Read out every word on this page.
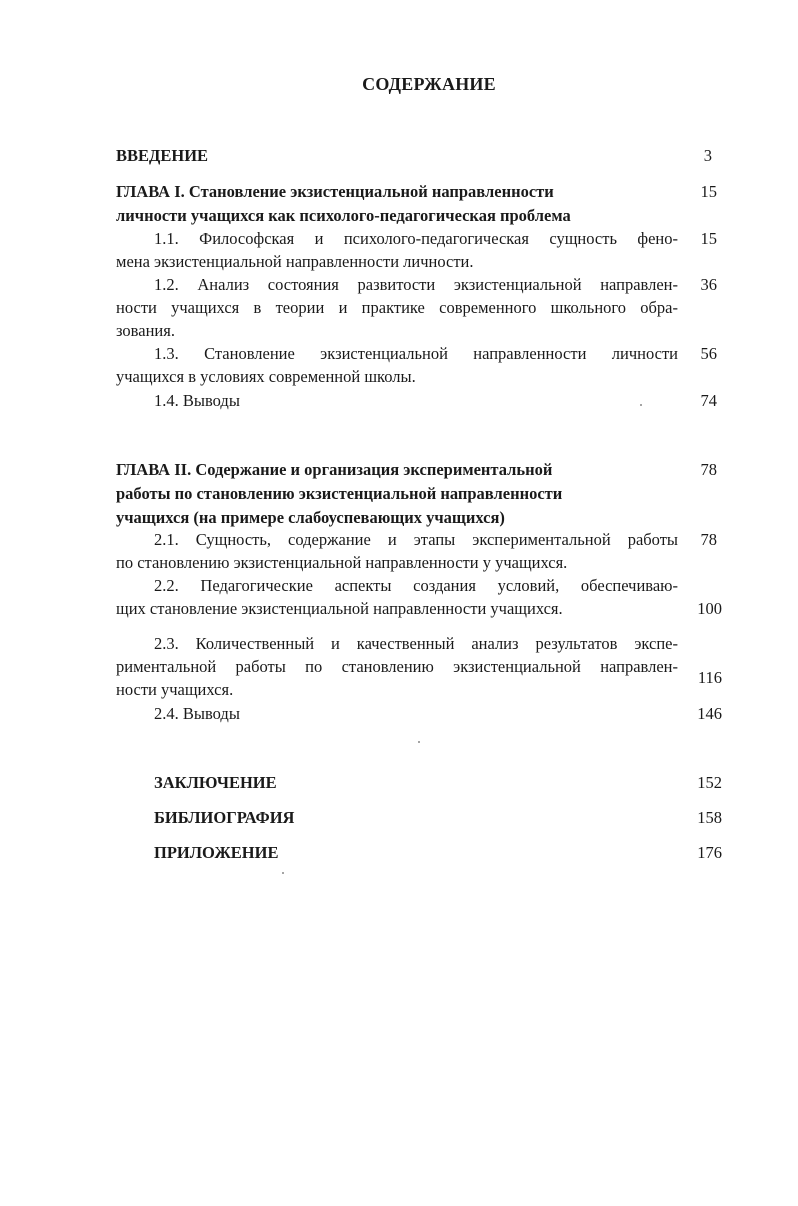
СОДЕРЖАНИЕ
ВВЕДЕНИЕ	3
ГЛАВА I. Становление экзистенциальной направленности
личности учащихся как психолого-педагогическая проблема
15
1.1. Философская и психолого-педагогическая сущность фено-
мена экзистенциальной направленности личности.
15
1.2. Анализ состояния развитости экзистенциальной направлен-
ности учащихся в теории и практике современного школьного обра-
зования.
36
1.3. Становление экзистенциальной направленности личности
учащихся в условиях современной школы.
56
1.4. Выводы	74
ГЛАВА II. Содержание и организация экспериментальной
работы по становлению экзистенциальной направленности
учащихся (на примере слабоуспевающих учащихся)
78
2.1. Сущность, содержание и этапы экспериментальной работы
по становлению экзистенциальной направленности у учащихся.
78
2.2. Педагогические аспекты создания условий, обеспечиваю-
щих становление экзистенциальной направленности учащихся.	100
2.3. Количественный и качественный анализ результатов экспе-
риментальной работы по становлению экзистенциальной направлен-
ности учащихся.
116
2.4. Выводы	146
ЗАКЛЮЧЕНИЕ	152
БИБЛИОГРАФИЯ	158
ПРИЛОЖЕНИЕ	176
